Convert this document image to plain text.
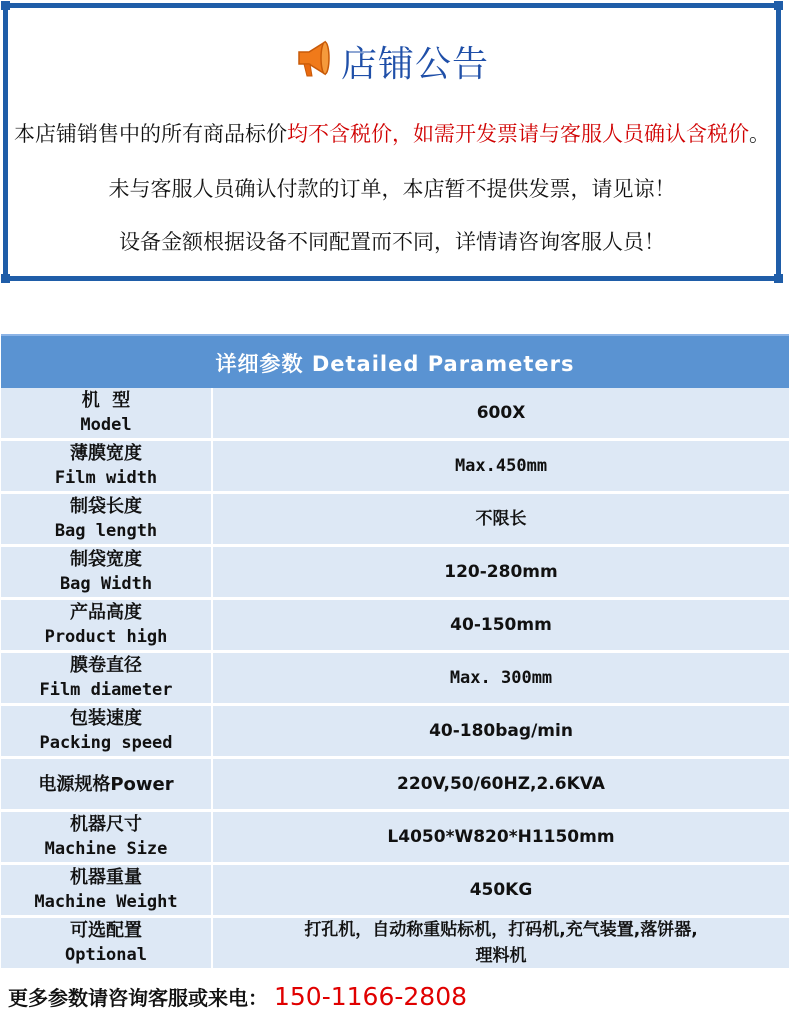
店铺公告
本店铺销售中的所有商品标价均不含税价，如需开发票请与客服人员确认含税价。
未与客服人员确认付款的订单，本店暂不提供发票，请见谅！
设备金额根据设备不同配置而不同，详情请咨询客服人员！
详细参数 Detailed Parameters
机  型
Model
600X
薄膜宽度
Film width
Max.450mm
制袋长度
Bag length
不限长
制袋宽度
Bag Width
120-280mm
产品高度
Product high
40-150mm
膜卷直径
Film diameter
Max. 300mm
包装速度
Packing speed
40-180bag/min
电源规格Power	220V,50/60HZ,2.6KVA
机器尺寸
Machine Size
L4050*W820*H1150mm
机器重量
Machine Weight
450KG
可选配置
Optional
打孔机，自动称重贴标机，打码机,充气装置,落饼器,
理料机
更多参数请咨询客服或来电： 150-1166-2808
